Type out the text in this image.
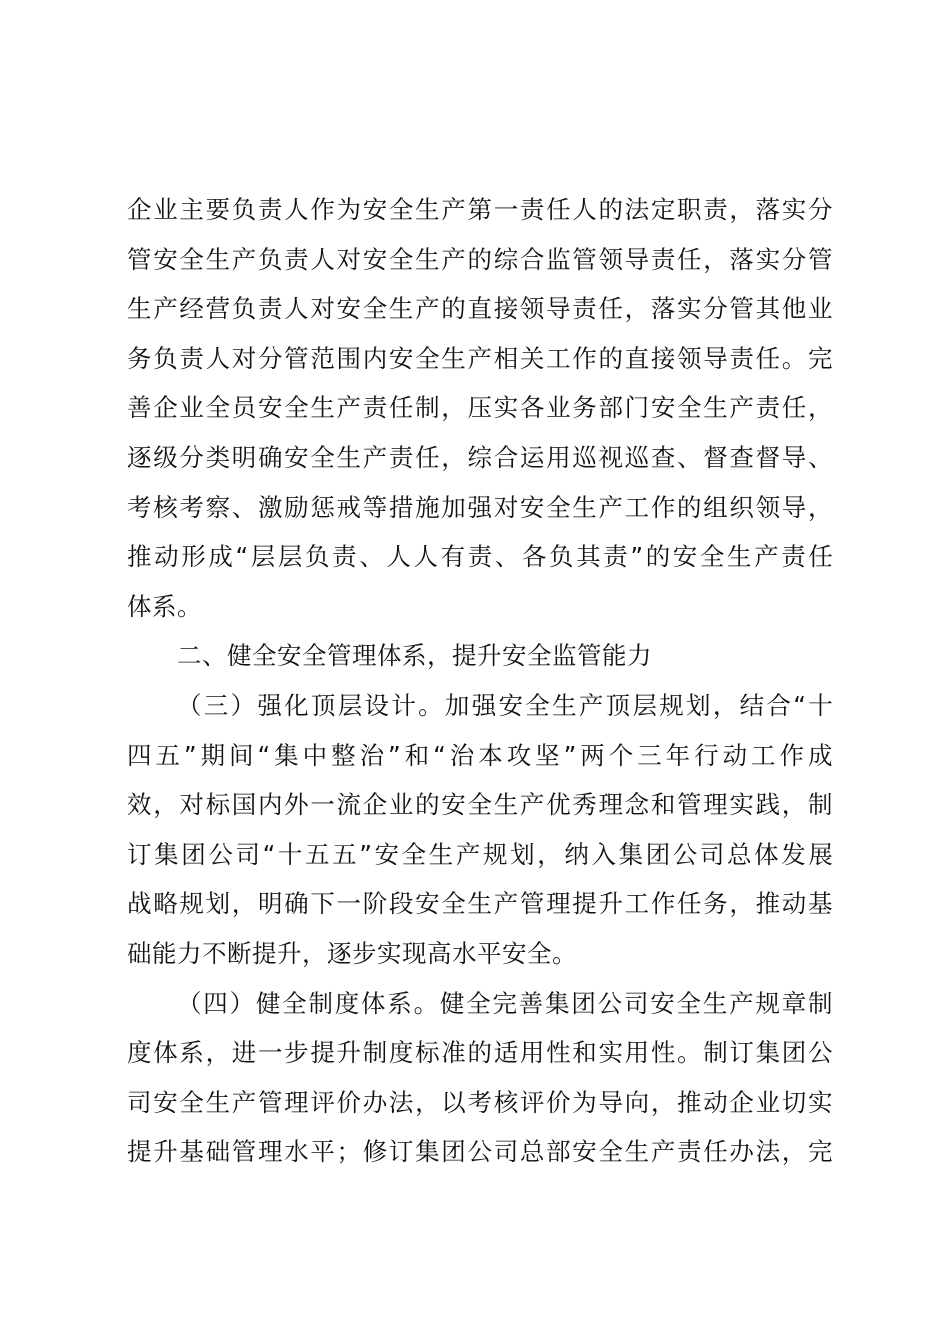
企业主要负责人作为安全生产第一责任人的法定职责，落实分
管安全生产负责人对安全生产的综合监管领导责任，落实分管
生产经营负责人对安全生产的直接领导责任，落实分管其他业
务负责人对分管范围内安全生产相关工作的直接领导责任。完
善企业全员安全生产责任制，压实各业务部门安全生产责任，
逐级分类明确安全生产责任，综合运用巡视巡查、督查督导、
考核考察、激励惩戒等措施加强对安全生产工作的组织领导，
推动形成“层层负责、人人有责、各负其责”的安全生产责任
体系。
二、健全安全管理体系，提升安全监管能力
（三）强化顶层设计。加强安全生产顶层规划，结合“十
四五”期间“集中整治”和“治本攻坚”两个三年行动工作成
效，对标国内外一流企业的安全生产优秀理念和管理实践，制
订集团公司“十五五”安全生产规划，纳入集团公司总体发展
战略规划，明确下一阶段安全生产管理提升工作任务，推动基
础能力不断提升，逐步实现高水平安全。
（四）健全制度体系。健全完善集团公司安全生产规章制
度体系，进一步提升制度标准的适用性和实用性。制订集团公
司安全生产管理评价办法，以考核评价为导向，推动企业切实
提升基础管理水平；修订集团公司总部安全生产责任办法，完
